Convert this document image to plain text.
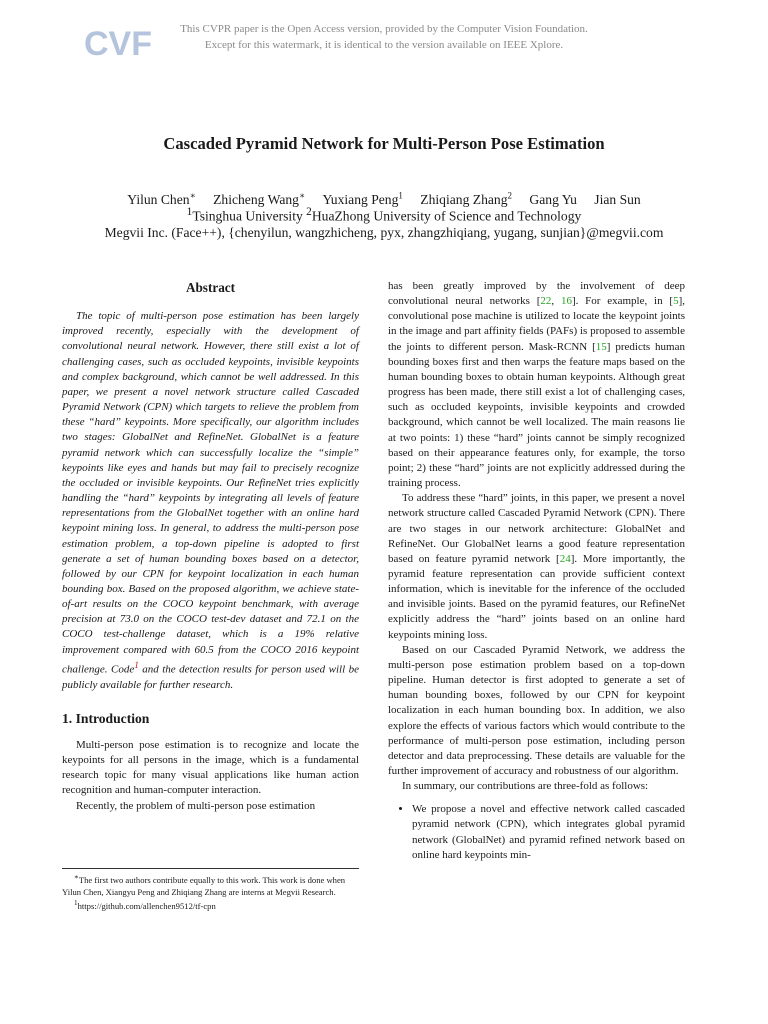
CVF	This CVPR paper is the Open Access version, provided by the Computer Vision Foundation.
Except for this watermark, it is identical to the version available on IEEE Xplore.
Cascaded Pyramid Network for Multi-Person Pose Estimation
Yilun Chen∗ Zhicheng Wang∗ Yuxiang Peng$^1$ Zhiqiang Zhang$^2$ Gang Yu Jian Sun
$^1$Tsinghua University $^2$HuaZhong University of Science and Technology
Megvii Inc. (Face++), {chenyilun, wangzhicheng, pyx, zhangzhiqiang, yugang, sunjian}@megvii.com
Abstract

The topic of multi-person pose estimation has been largely improved recently, especially with the development of convolutional neural network. However, there still exist a lot of challenging cases, such as occluded keypoints, invisible keypoints and complex background, which cannot be well addressed. In this paper, we present a novel network structure called Cascaded Pyramid Network (CPN) which targets to relieve the problem from these “hard” keypoints. More specifically, our algorithm includes two stages: GlobalNet and RefineNet. GlobalNet is a feature pyramid network which can successfully localize the “simple” keypoints like eyes and hands but may fail to precisely recognize the occluded or invisible keypoints. Our RefineNet tries explicitly handling the “hard” keypoints by integrating all levels of feature representations from the GlobalNet together with an online hard keypoint mining loss. In general, to address the multi-person pose estimation problem, a top-down pipeline is adopted to first generate a set of human bounding boxes based on a detector, followed by our CPN for keypoint localization in each human bounding box. Based on the proposed algorithm, we achieve state-of-art results on the COCO keypoint benchmark, with average precision at 73.0 on the COCO test-dev dataset and 72.1 on the COCO test-challenge dataset, which is a 19% relative improvement compared with 60.5 from the COCO 2016 keypoint challenge. Code$^1$ and the detection results for person used will be publicly available for further research.

1. Introduction

Multi-person pose estimation is to recognize and locate the keypoints for all persons in the image, which is a fundamental research topic for many visual applications like human action recognition and human-computer interaction.

Recently, the problem of multi-person pose estimation

∗The first two authors contribute equally to this work. This work is done when Yilun Chen, Xiangyu Peng and Zhiqiang Zhang are interns at Megvii Research.

$^1$https://github.com/allenchen9512/tf-cpn

has been greatly improved by the involvement of deep convolutional neural networks [22, 16]. For example, in [5], convolutional pose machine is utilized to locate the keypoint joints in the image and part affinity fields (PAFs) is proposed to assemble the joints to different person. Mask-RCNN [15] predicts human bounding boxes first and then warps the feature maps based on the human bounding boxes to obtain human keypoints. Although great progress has been made, there still exist a lot of challenging cases, such as occluded keypoints, invisible keypoints and crowded background, which cannot be well localized. The main reasons lie at two points: 1) these “hard” joints cannot be simply recognized based on their appearance features only, for example, the torso point; 2) these “hard” joints are not explicitly addressed during the training process.

To address these “hard” joints, in this paper, we present a novel network structure called Cascaded Pyramid Network (CPN). There are two stages in our network architecture: GlobalNet and RefineNet. Our GlobalNet learns a good feature representation based on feature pyramid network [24]. More importantly, the pyramid feature representation can provide sufficient context information, which is inevitable for the inference of the occluded and invisible joints. Based on the pyramid features, our RefineNet explicitly address the “hard” joints based on an online hard keypoints mining loss.

Based on our Cascaded Pyramid Network, we address the multi-person pose estimation problem based on a top-down pipeline. Human detector is first adopted to generate a set of human bounding boxes, followed by our CPN for keypoint localization in each human bounding box. In addition, we also explore the effects of various factors which would contribute to the performance of multi-person pose estimation, including person detector and data preprocessing. These details are valuable for the further improvement of accuracy and robustness of our algorithm.

In summary, our contributions are three-fold as follows:

• We propose a novel and effective network called cascaded pyramid network (CPN), which integrates global pyramid network (GlobalNet) and pyramid refined network based on online hard keypoints min-
